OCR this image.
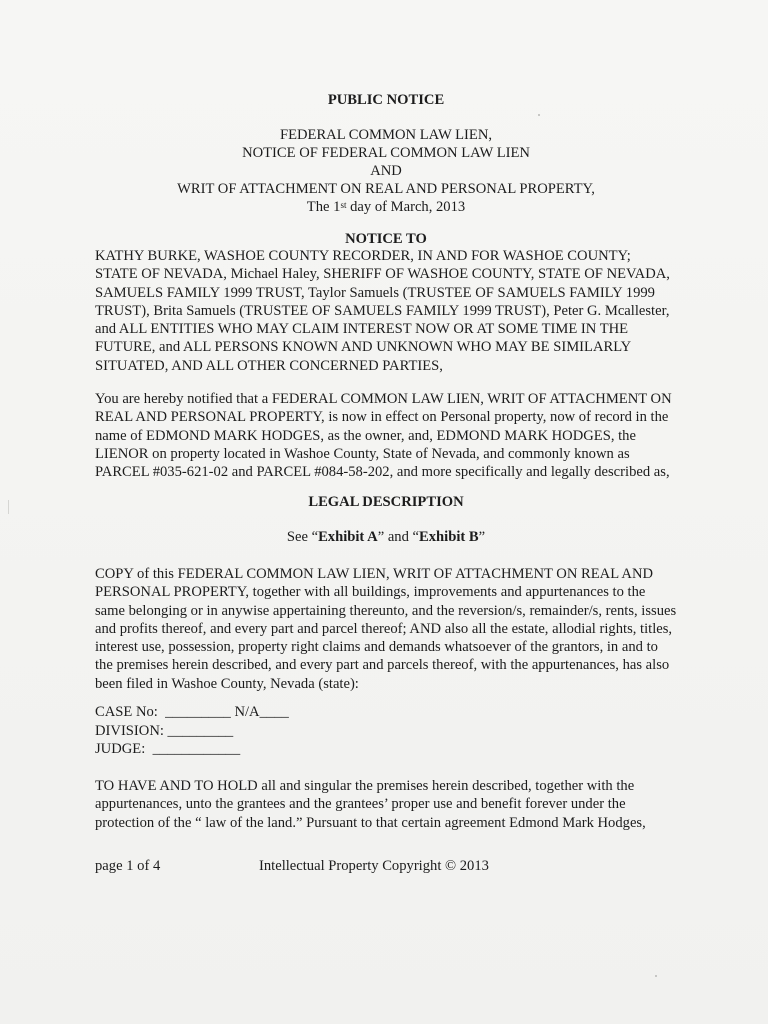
PUBLIC NOTICE
FEDERAL COMMON LAW LIEN,
NOTICE OF FEDERAL COMMON LAW LIEN
AND
WRIT OF ATTACHMENT ON REAL AND PERSONAL PROPERTY,
The 1st day of March, 2013
NOTICE TO

KATHY BURKE, WASHOE COUNTY RECORDER, IN AND FOR WASHOE COUNTY; STATE OF NEVADA, Michael Haley, SHERIFF OF WASHOE COUNTY, STATE OF NEVADA, SAMUELS FAMILY 1999 TRUST, Taylor Samuels (TRUSTEE OF SAMUELS FAMILY 1999 TRUST), Brita Samuels (TRUSTEE OF SAMUELS FAMILY 1999 TRUST), Peter G. Mcallester, and ALL ENTITIES WHO MAY CLAIM INTEREST NOW OR AT SOME TIME IN THE FUTURE, and ALL PERSONS KNOWN AND UNKNOWN WHO MAY BE SIMILARLY SITUATED, AND ALL OTHER CONCERNED PARTIES,

You are hereby notified that a FEDERAL COMMON LAW LIEN, WRIT OF ATTACHMENT ON REAL AND PERSONAL PROPERTY, is now in effect on Personal property, now of record in the name of EDMOND MARK HODGES, as the owner, and, EDMOND MARK HODGES, the LIENOR on property located in Washoe County, State of Nevada, and commonly known as PARCEL #035-621-02 and PARCEL #084-58-202, and more specifically and legally described as,

LEGAL DESCRIPTION
See “Exhibit A” and “Exhibit B”

COPY of this FEDERAL COMMON LAW LIEN, WRIT OF ATTACHMENT ON REAL AND PERSONAL PROPERTY, together with all buildings, improvements and appurtenances to the same belonging or in anywise appertaining thereunto, and the reversion/s, remainder/s, rents, issues and profits thereof, and every part and parcel thereof; AND also all the estate, allodial rights, titles, interest use, possession, property right claims and demands whatsoever of the grantors, in and to the premises herein described, and every part and parcels thereof, with the appurtenances, has also been filed in Washoe County, Nevada (state):

CASE No:  _________ N/A____
DIVISION: _________
JUDGE:  ____________

TO HAVE AND TO HOLD all and singular the premises herein described, together with the appurtenances, unto the grantees and the grantees’ proper use and benefit forever under the protection of the “ law of the land.” Pursuant to that certain agreement Edmond Mark Hodges,

page 1 of 4	Intellectual Property Copyright © 2013
